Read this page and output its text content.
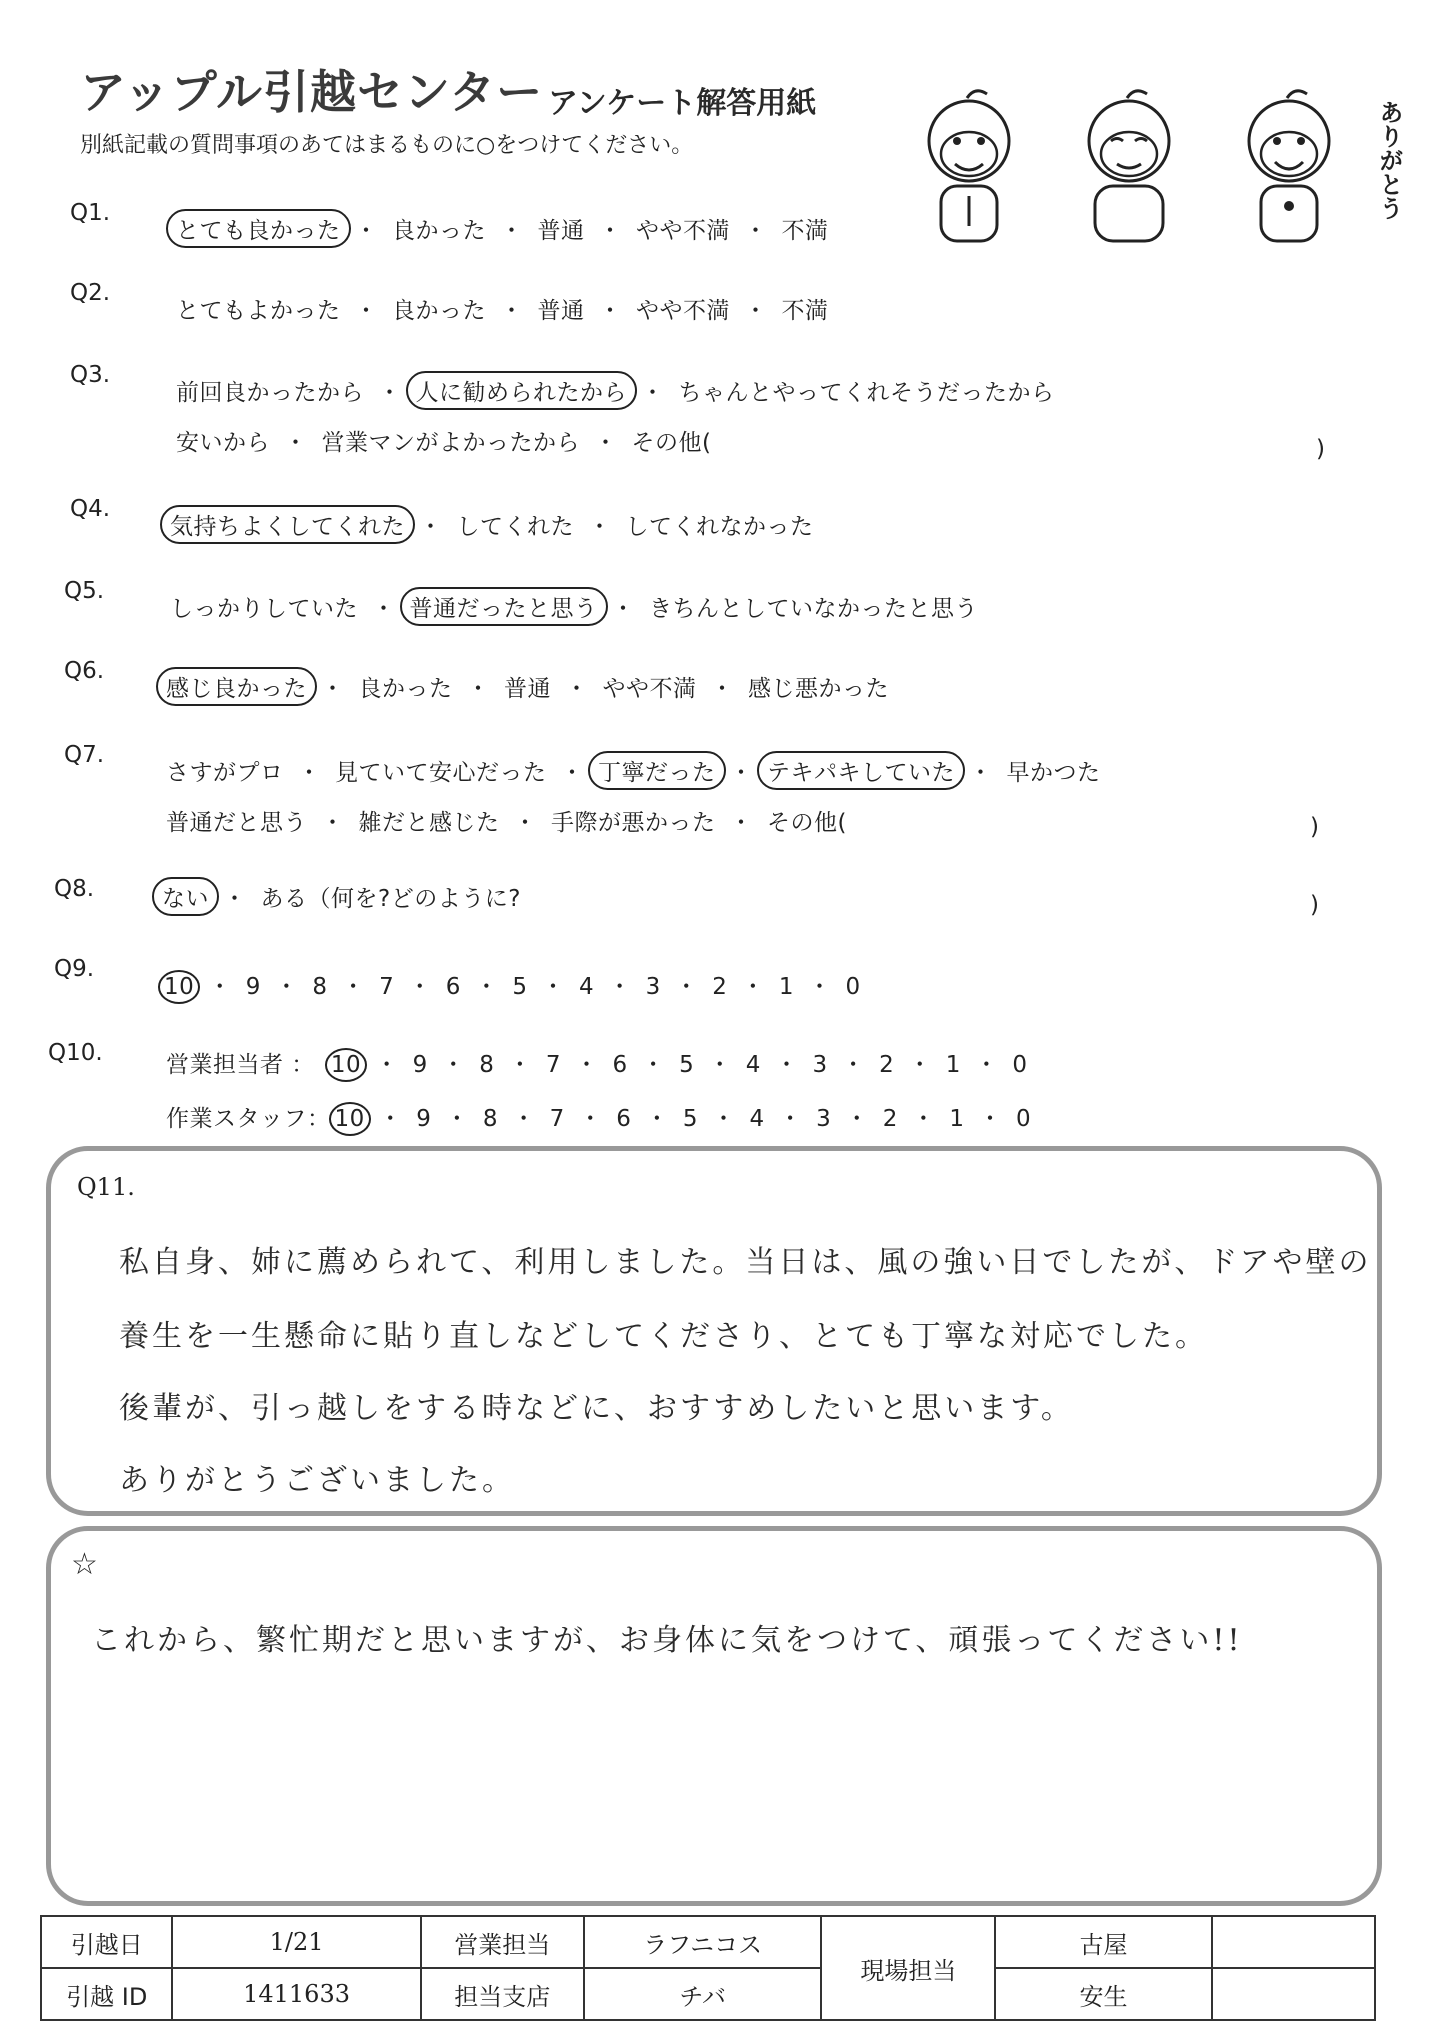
アップル引越センター アンケート解答用紙
別紙記載の質問事項のあてはまるものに○をつけてください。	ありがとう
Q1.
とても良かった ・ 良かった ・ 普通 ・ やや不満 ・ 不満
Q2.
とてもよかった ・ 良かった ・ 普通 ・ やや不満 ・ 不満
Q3.
前回良かったから ・ 人に勧められたから ・ ちゃんとやってくれそうだったから
安いから ・ 営業マンがよかったから ・ その他(	)
Q4.
気持ちよくしてくれた ・ してくれた ・ してくれなかった
Q5.
しっかりしていた ・ 普通だったと思う ・ きちんとしていなかったと思う
Q6.
感じ良かった ・ 良かった ・ 普通 ・ やや不満 ・ 感じ悪かった
Q7.
さすがプロ ・ 見ていて安心だった ・ 丁寧だった ・ テキパキしていた ・ 早かつた
普通だと思う ・ 雑だと感じた ・ 手際が悪かった ・ その他(	)
Q8.	ない ・ ある（何を?どのように?	)
Q9.
10 ・ 9 ・ 8 ・ 7 ・ 6 ・ 5 ・ 4 ・ 3 ・ 2 ・ 1 ・ 0
Q10.	営業担当者 ： 10 ・ 9 ・ 8 ・ 7 ・ 6 ・ 5 ・ 4 ・ 3 ・ 2 ・ 1 ・ 0
作業スタッフ： 10 ・ 9 ・ 8 ・ 7 ・ 6 ・ 5 ・ 4 ・ 3 ・ 2 ・ 1 ・ 0
Q11.
私自身、姉に薦められて、利用しました。当日は、風の強い日でしたが、ドアや壁の
養生を一生懸命に貼り直しなどしてくださり、とても丁寧な対応でした。
後輩が、引っ越しをする時などに、おすすめしたいと思います。
ありがとうございました。
☆
これから、繁忙期だと思いますが、お身体に気をつけて、頑張ってください!!
引越日	1/21	営業担当	ラフニコス	現場担当	古屋	
引越 ID	1411633	担当支店	チバ		安生	
